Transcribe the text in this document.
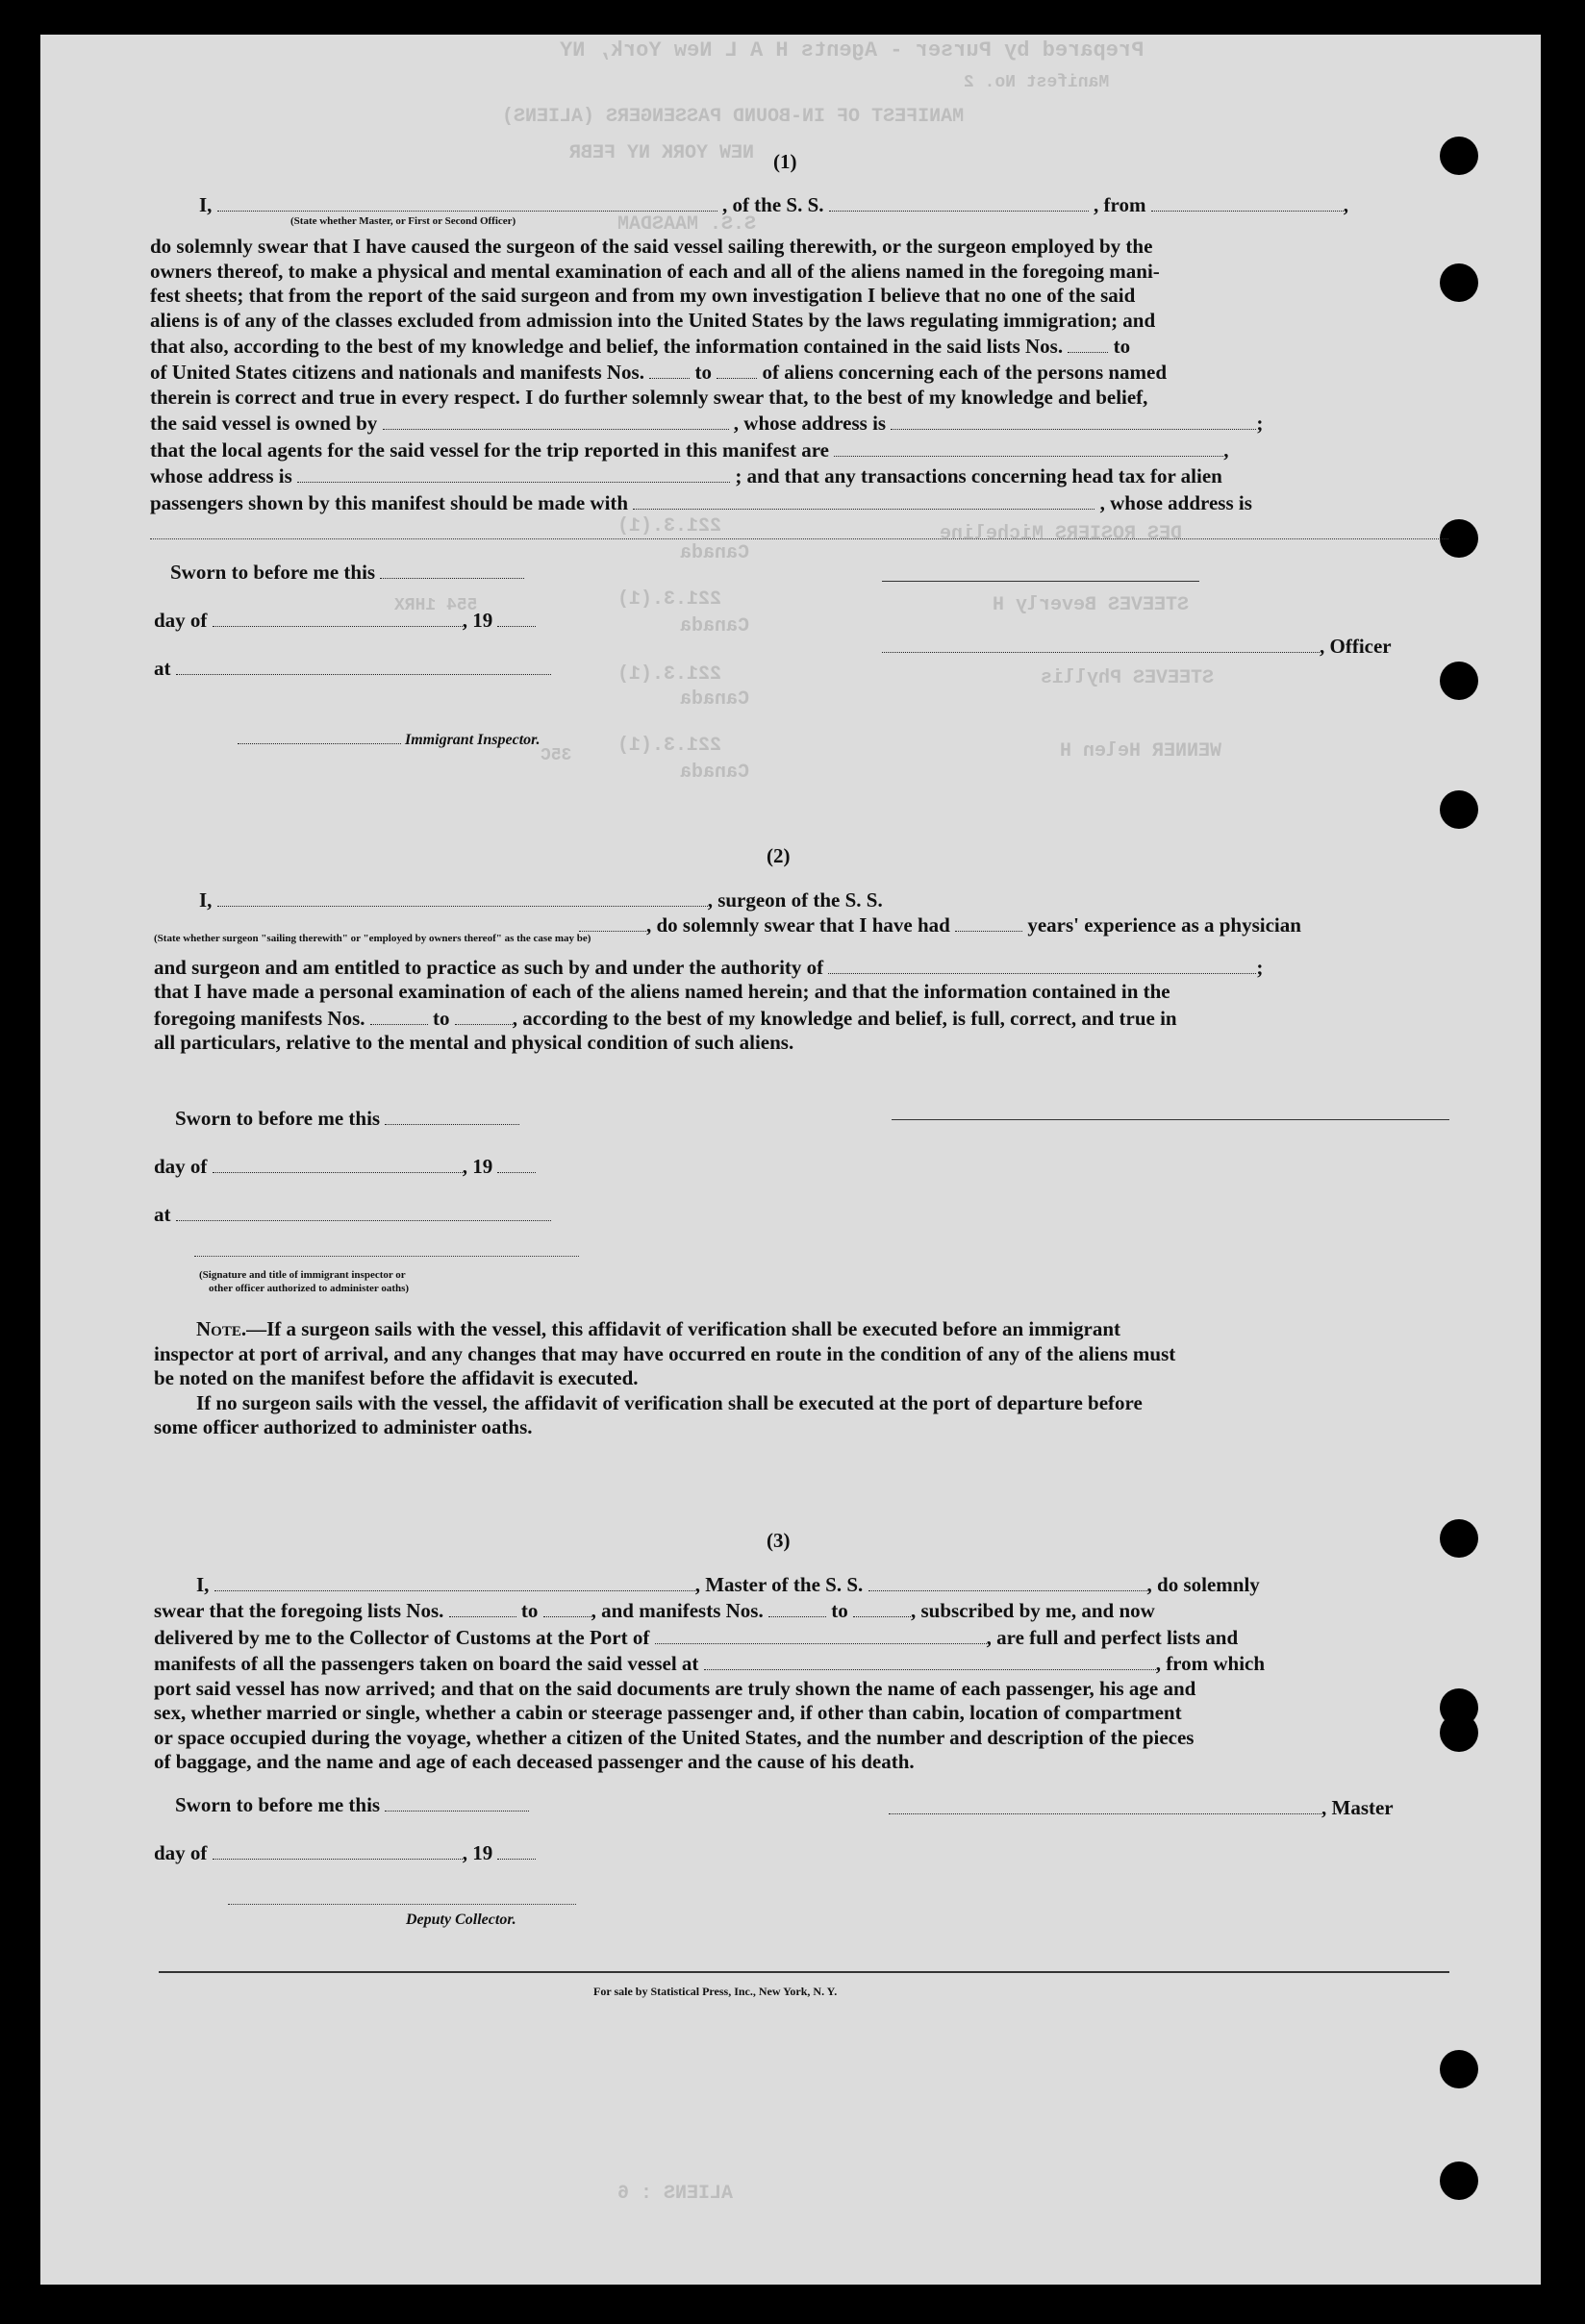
Prepared by Purser - Agents H A L New York, NY
Manifest No. 2
MANIFEST OF IN-BOUND PASSENGERS (ALIENS)
NEW YORK NY FEBR
S.S. MAASDAM
DES ROSIERS Micheline
221.3.(1)
Canada
STEEVES Beverly H
221.3.(1)
Canada
554 1HRX
STEEVES Phyllis
221.3.(1)
Canada
WENNER Helen H
221.3.(1)
Canada
35C
ALIENS : 6
(1)
I,	, of the S. S.	, from	,
(State whether Master, or First or Second Officer)
do solemnly swear that I have caused the surgeon of the said vessel sailing therewith, or the surgeon employed by the
owners thereof, to make a physical and mental examination of each and all of the aliens named in the foregoing mani-
fest sheets; that from the report of the said surgeon and from my own investigation I believe that no one of the said
aliens is of any of the classes excluded from admission into the United States by the laws regulating immigration; and
that also, according to the best of my knowledge and belief, the information contained in the said lists Nos.	to
of United States citizens and nationals and manifests Nos.	to	of aliens concerning each of the persons named
therein is correct and true in every respect. I do further solemnly swear that, to the best of my knowledge and belief,
the said vessel is owned by	, whose address is	;
that the local agents for the said vessel for the trip reported in this manifest are	,
whose address is	; and that any transactions concerning head tax for alien
passengers shown by this manifest should be made with	, whose address is
Sworn to before me this
day of	, 19
, Officer
at
Immigrant Inspector.
(2)
I,	, surgeon of the S. S.
, do solemnly swear that I have had	years' experience as a physician
(State whether surgeon "sailing therewith" or "employed by owners thereof" as the case may be)
and surgeon and am entitled to practice as such by and under the authority of	;
that I have made a personal examination of each of the aliens named herein; and that the information contained in the
foregoing manifests Nos.	to	, according to the best of my knowledge and belief, is full, correct, and true in
all particulars, relative to the mental and physical condition of such aliens.
Sworn to before me this
day of	, 19
at
(Signature and title of immigrant inspector or
other officer authorized to administer oaths)
Note.—If a surgeon sails with the vessel, this affidavit of verification shall be executed before an immigrant
inspector at port of arrival, and any changes that may have occurred en route in the condition of any of the aliens must
be noted on the manifest before the affidavit is executed.
If no surgeon sails with the vessel, the affidavit of verification shall be executed at the port of departure before
some officer authorized to administer oaths.
(3)
I,	, Master of the S. S.	, do solemnly
swear that the foregoing lists Nos.	to	, and manifests Nos.	to	, subscribed by me, and now
delivered by me to the Collector of Customs at the Port of	, are full and perfect lists and
manifests of all the passengers taken on board the said vessel at	, from which
port said vessel has now arrived; and that on the said documents are truly shown the name of each passenger, his age and
sex, whether married or single, whether a cabin or steerage passenger and, if other than cabin, location of compartment
or space occupied during the voyage, whether a citizen of the United States, and the number and description of the pieces
of baggage, and the name and age of each deceased passenger and the cause of his death.
Sworn to before me this	, Master
day of	, 19
Deputy Collector.
For sale by Statistical Press, Inc., New York, N. Y.
